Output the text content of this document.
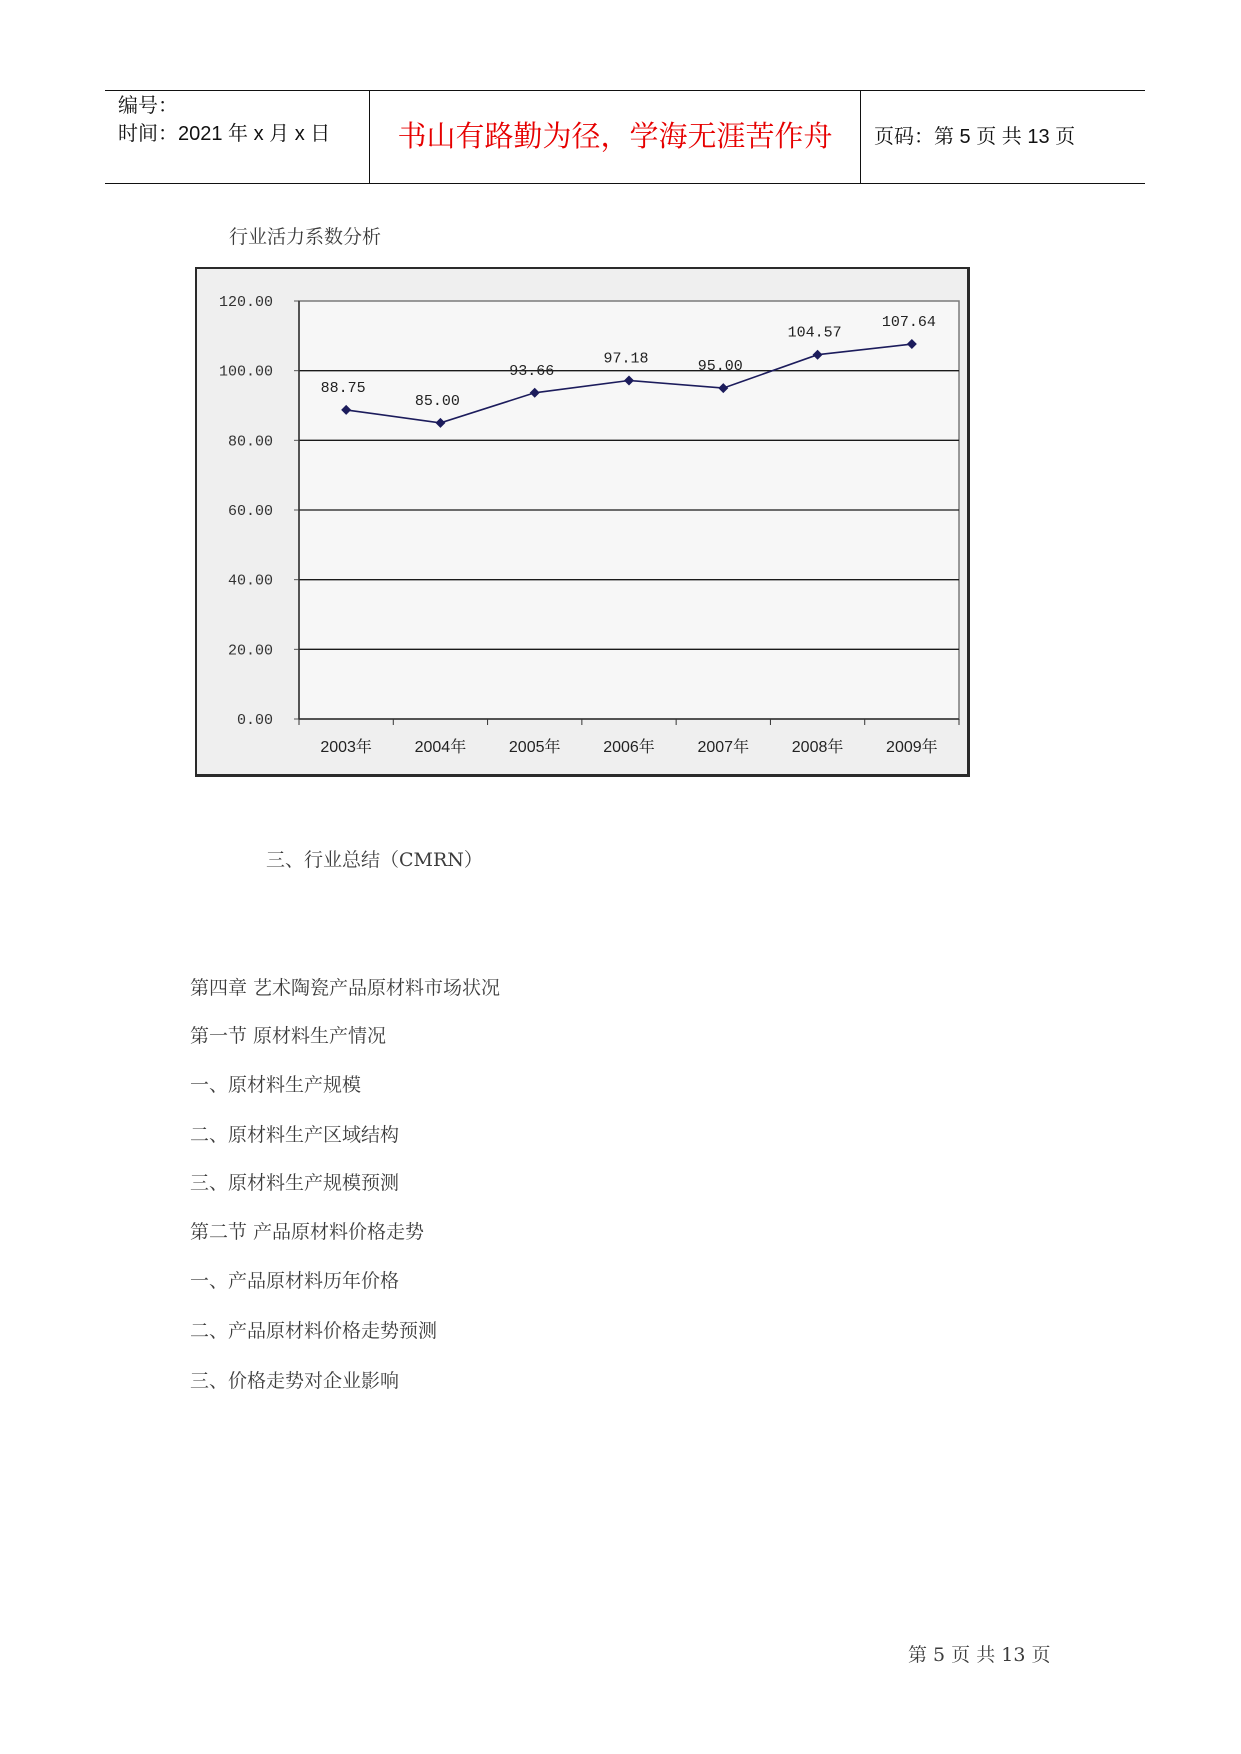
编号：
时间：2021 年 x 月 x 日 书山有路勤为径，学海无涯苦作舟 页码：第 5 页 共 13 页
行业活力系数分析
0.00
20.00
40.00
60.00
80.00
100.00
120.00
2003年	2004年	2005年	2006年	2007年	2008年	2009年
88.75
85.00
93.66
97.18	95.00
104.57
107.64
三、行业总结（CMRN）
第四章 艺术陶瓷产品原材料市场状况
第一节 原材料生产情况
一、原材料生产规模
二、原材料生产区域结构
三、原材料生产规模预测
第二节 产品原材料价格走势
一、产品原材料历年价格
二、产品原材料价格走势预测
三、价格走势对企业影响
第 5 页 共 13 页
